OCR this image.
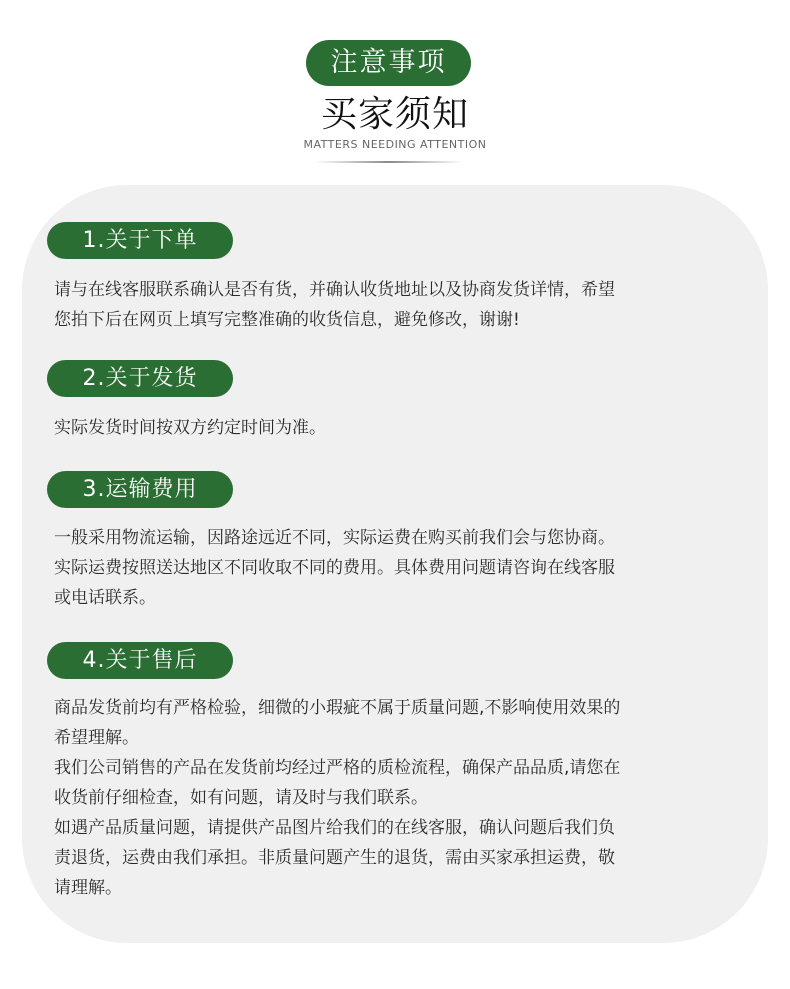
注意事项
买家须知
MATTERS NEEDING ATTENTION
1.关于下单

请与在线客服联系确认是否有货，并确认收货地址以及协商发货详情，希望

您拍下后在网页上填写完整准确的收货信息，避免修改，谢谢!

2.关于发货

实际发货时间按双方约定时间为准。

3.运输费用

一般采用物流运输，因路途远近不同，实际运费在购买前我们会与您协商。

实际运费按照送达地区不同收取不同的费用。具体费用问题请咨询在线客服

或电话联系。

4.关于售后

商品发货前均有严格检验，细微的小瑕疵不属于质量问题,不影响使用效果的

希望理解。

我们公司销售的产品在发货前均经过严格的质检流程，确保产品品质,请您在

收货前仔细检查，如有问题，请及时与我们联系。

如遇产品质量问题，请提供产品图片给我们的在线客服，确认问题后我们负

责退货，运费由我们承担。非质量问题产生的退货，需由买家承担运费，敬

请理解。
